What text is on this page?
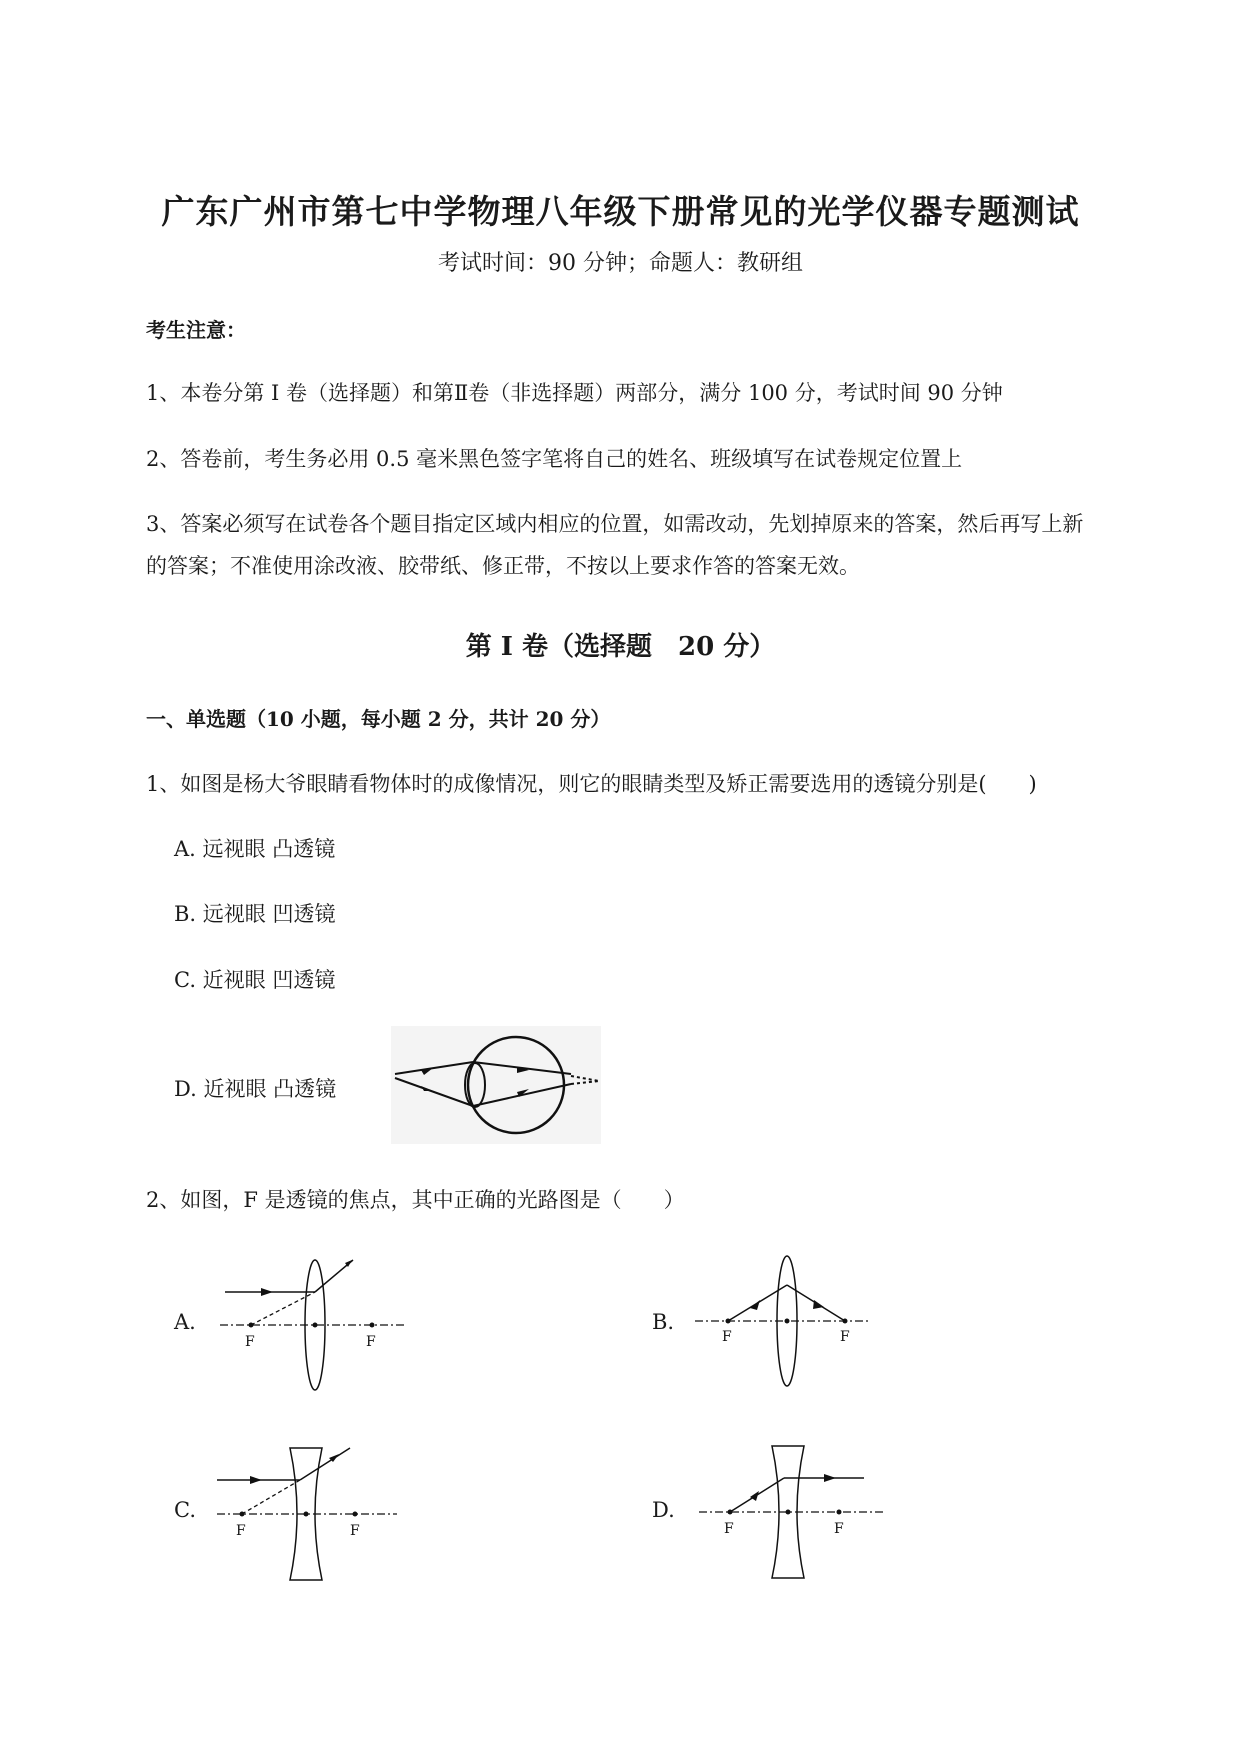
广东广州市第七中学物理八年级下册常见的光学仪器专题测试
考试时间：90 分钟；命题人：教研组
考生注意：
1、本卷分第 I 卷（选择题）和第Ⅱ卷（非选择题）两部分，满分 100 分，考试时间 90 分钟
2、答卷前，考生务必用 0.5 毫米黑色签字笔将自己的姓名、班级填写在试卷规定位置上
3、答案必须写在试卷各个题目指定区域内相应的位置，如需改动，先划掉原来的答案，然后再写上新
的答案；不准使用涂改液、胶带纸、修正带，不按以上要求作答的答案无效。
第 I 卷（选择题　20 分）
一、单选题（10 小题，每小题 2 分，共计 20 分）
1、如图是杨大爷眼睛看物体时的成像情况，则它的眼睛类型及矫正需要选用的透镜分别是(　　)
A. 远视眼 凸透镜
B. 远视眼 凹透镜
C. 近视眼 凹透镜
D. 近视眼 凸透镜
2、如图，F 是透镜的焦点，其中正确的光路图是（　　）
A.
F	F
B.
F	F
C.
F	F
D.
F	F
